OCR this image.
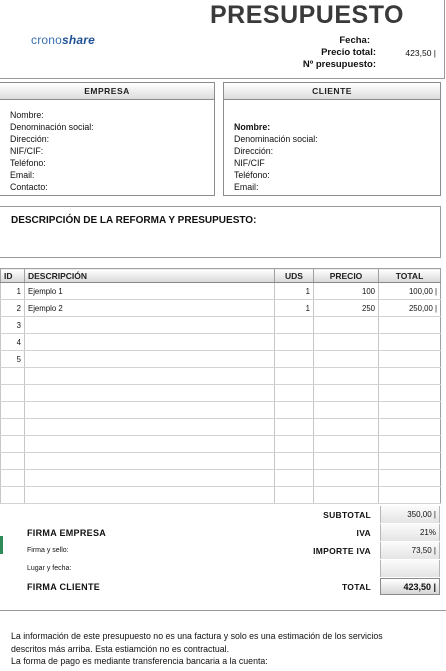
PRESUPUESTO
cronoshare	Fecha:
Precio total:	423,50 |
Nº presupuesto:
EMPRESA
Nombre:
Denominación social:
Dirección:
NIF/CIF:
Teléfono:
Email:
Contacto:
CLIENTE
Nombre:
Denominación social:
Dirección:
NIF/CIF
Teléfono:
Email:
DESCRIPCIÓN DE LA REFORMA Y PRESUPUESTO:
ID	DESCRIPCIÓN	UDS	PRECIO	TOTAL
1	Ejemplo 1	1	100	100,00 |
2	Ejemplo 2	1	250	250,00 |
3				
4				
5				

SUBTOTAL	350,00 |
FIRMA EMPRESA	IVA	21%
Firma y sello:	IMPORTE IVA	73,50 |
Lugar y fecha:
FIRMA CLIENTE	TOTAL	423,50 |
La información de este presupuesto no es una factura y solo es una estimación de los servicios
descritos más arriba. Esta estiamción no es contractual.
La forma de pago es mediante transferencia bancaria a la cuenta:
